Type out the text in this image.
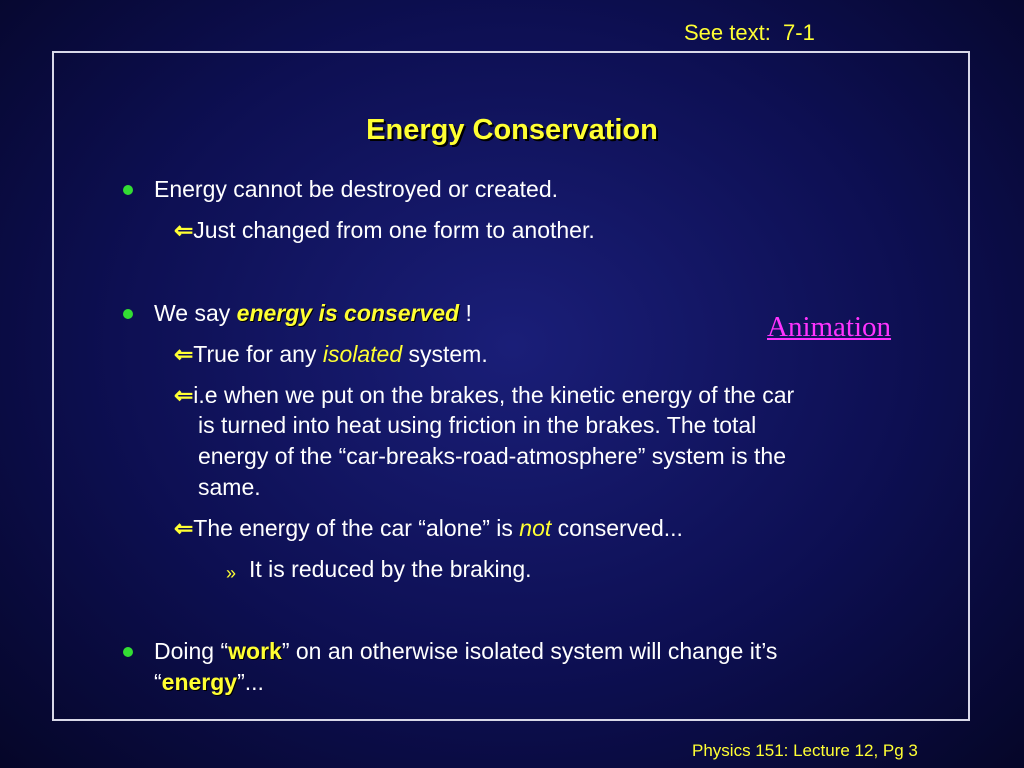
See text:  7-1
Energy Conservation
Energy cannot be destroyed or created.
⇐Just changed from one form to another.
We say energy is conserved !
⇐True for any isolated system.
⇐i.e when we put on the brakes, the kinetic energy of the car
is turned into heat using friction in the brakes. The total
energy of the “car-breaks-road-atmosphere” system is the
same.
⇐The energy of the car “alone” is not conserved...
» It is reduced by the braking.
Doing “work” on an otherwise isolated system will change it’s
“energy”...
Animation
Physics 151: Lecture 12, Pg 3
